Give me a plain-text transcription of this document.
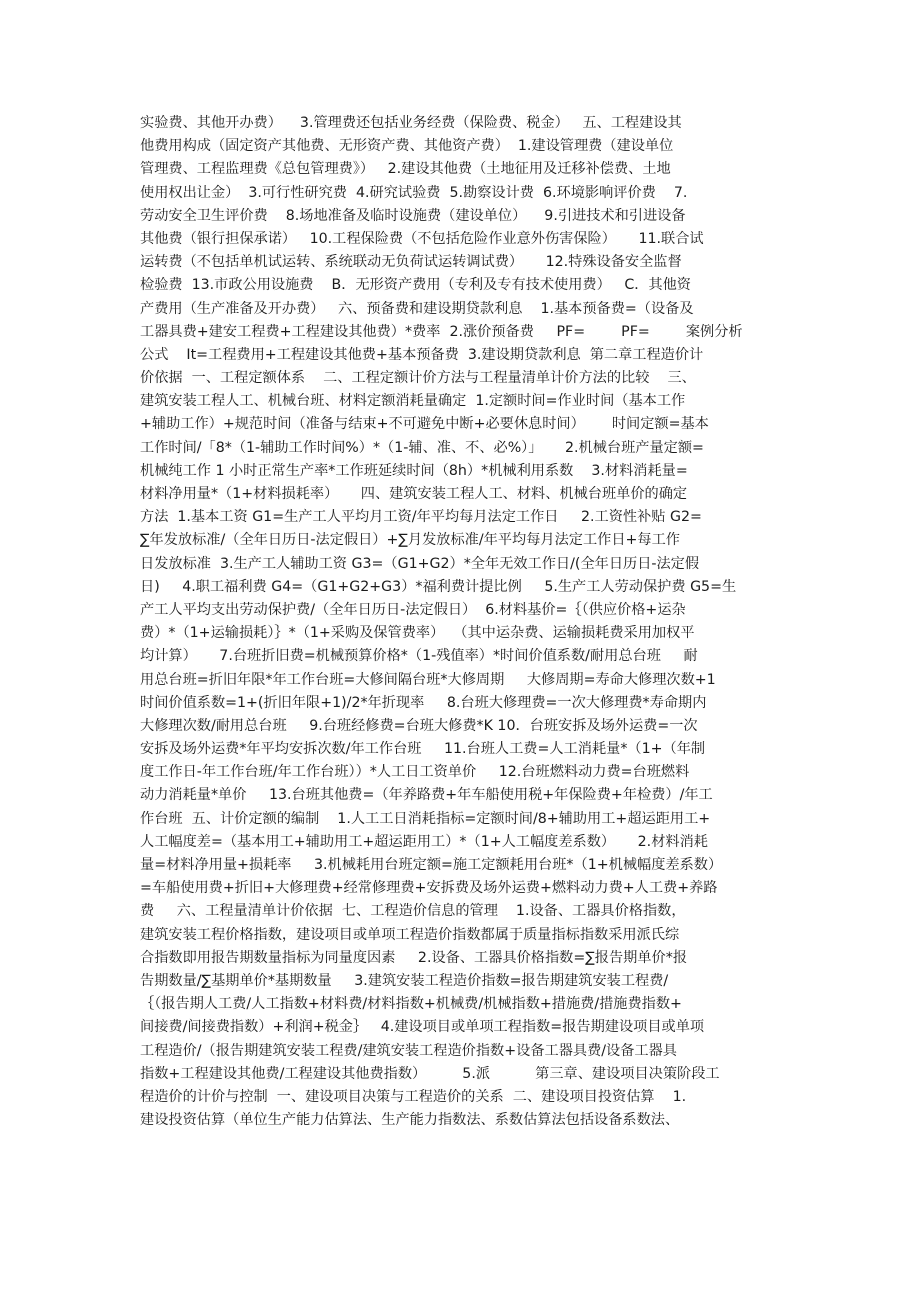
实验费、其他开办费）    3.管理费还包括业务经费（保险费、税金）   五、工程建设其
他费用构成（固定资产其他费、无形资产费、其他资产费）  1.建设管理费（建设单位
管理费、工程监理费《总包管理费》）   2.建设其他费（土地征用及迁移补偿费、土地
使用权出让金）  3.可行性研究费  4.研究试验费  5.勘察设计费  6.环境影响评价费    7.
劳动安全卫生评价费    8.场地准备及临时设施费（建设单位）    9.引进技术和引进设备
其他费（银行担保承诺）   10.工程保险费（不包括危险作业意外伤害保险）     11.联合试
运转费（不包括单机试运转、系统联动无负荷试运转调试费）     12.特殊设备安全监督
检验费  13.市政公用设施费    B．无形资产费用（专利及专有技术使用费）   C．其他资
产费用（生产准备及开办费）   六、预备费和建设期贷款利息    1.基本预备费=（设备及
工器具费+建安工程费+工程建设其他费）*费率  2.涨价预备费     PF=        PF=        案例分析
公式    It=工程费用+工程建设其他费+基本预备费  3.建设期贷款利息  第二章工程造价计
价依据  一、工程定额体系    二、工程定额计价方法与工程量清单计价方法的比较    三、
建筑安装工程人工、机械台班、材料定额消耗量确定  1.定额时间=作业时间（基本工作
+辅助工作）+规范时间（准备与结束+不可避免中断+必要休息时间）      时间定额=基本
工作时间/「8*（1-辅助工作时间%）*（1-辅、准、不、必%）」     2.机械台班产量定额=
机械纯工作 1 小时正常生产率*工作班延续时间（8h）*机械利用系数    3.材料消耗量=
材料净用量*（1+材料损耗率）     四、建筑安装工程人工、材料、机械台班单价的确定
方法  1.基本工资 G1=生产工人平均月工资/年平均每月法定工作日     2.工资性补贴 G2=
∑年发放标准/（全年日历日-法定假日）+∑月发放标准/年平均每月法定工作日+每工作
日发放标准  3.生产工人辅助工资 G3=（G1+G2）*全年无效工作日/(全年日历日-法定假
日)     4.职工福利费 G4=（G1+G2+G3）*福利费计提比例     5.生产工人劳动保护费 G5=生
产工人平均支出劳动保护费/（全年日历日-法定假日）  6.材料基价=｛（供应价格+运杂
费）*（1+运输损耗）｝*（1+采购及保管费率）  （其中运杂费、运输损耗费采用加权平
均计算）     7.台班折旧费=机械预算价格*（1-残值率）*时间价值系数/耐用总台班     耐
用总台班=折旧年限*年工作台班=大修间隔台班*大修周期     大修周期=寿命大修理次数+1
时间价值系数=1+(折旧年限+1)/2*年折现率     8.台班大修理费=一次大修理费*寿命期内
大修理次数/耐用总台班     9.台班经修费=台班大修费*K 10．台班安拆及场外运费=一次
安拆及场外运费*年平均安拆次数/年工作台班     11.台班人工费=人工消耗量*（1+（年制
度工作日-年工作台班/年工作台班））*人工日工资单价     12.台班燃料动力费=台班燃料
动力消耗量*单价     13.台班其他费=（年养路费+年车船使用税+年保险费+年检费）/年工
作台班  五、计价定额的编制    1.人工工日消耗指标=定额时间/8+辅助用工+超运距用工+
人工幅度差=（基本用工+辅助用工+超运距用工）*（1+人工幅度差系数）     2.材料消耗
量=材料净用量+损耗率     3.机械耗用台班定额=施工定额耗用台班*（1+机械幅度差系数）
=车船使用费+折旧+大修理费+经常修理费+安拆费及场外运费+燃料动力费+人工费+养路
费     六、工程量清单计价依据  七、工程造价信息的管理    1.设备、工器具价格指数，
建筑安装工程价格指数，建设项目或单项工程造价指数都属于质量指标指数采用派氏综
合指数即用报告期数量指标为同量度因素     2.设备、工器具价格指数=∑报告期单价*报
告期数量/∑基期单价*基期数量     3.建筑安装工程造价指数=报告期建筑安装工程费/
｛（报告期人工费/人工指数+材料费/材料指数+机械费/机械指数+措施费/措施费指数+
间接费/间接费指数）+利润+税金｝   4.建设项目或单项工程指数=报告期建设项目或单项
工程造价/（报告期建筑安装工程费/建筑安装工程造价指数+设备工器具费/设备工器具
指数+工程建设其他费/工程建设其他费指数）        5.派          第三章、建设项目决策阶段工
程造价的计价与控制  一、建设项目决策与工程造价的关系  二、建设项目投资估算    1.
建设投资估算（单位生产能力估算法、生产能力指数法、系数估算法包括设备系数法、
